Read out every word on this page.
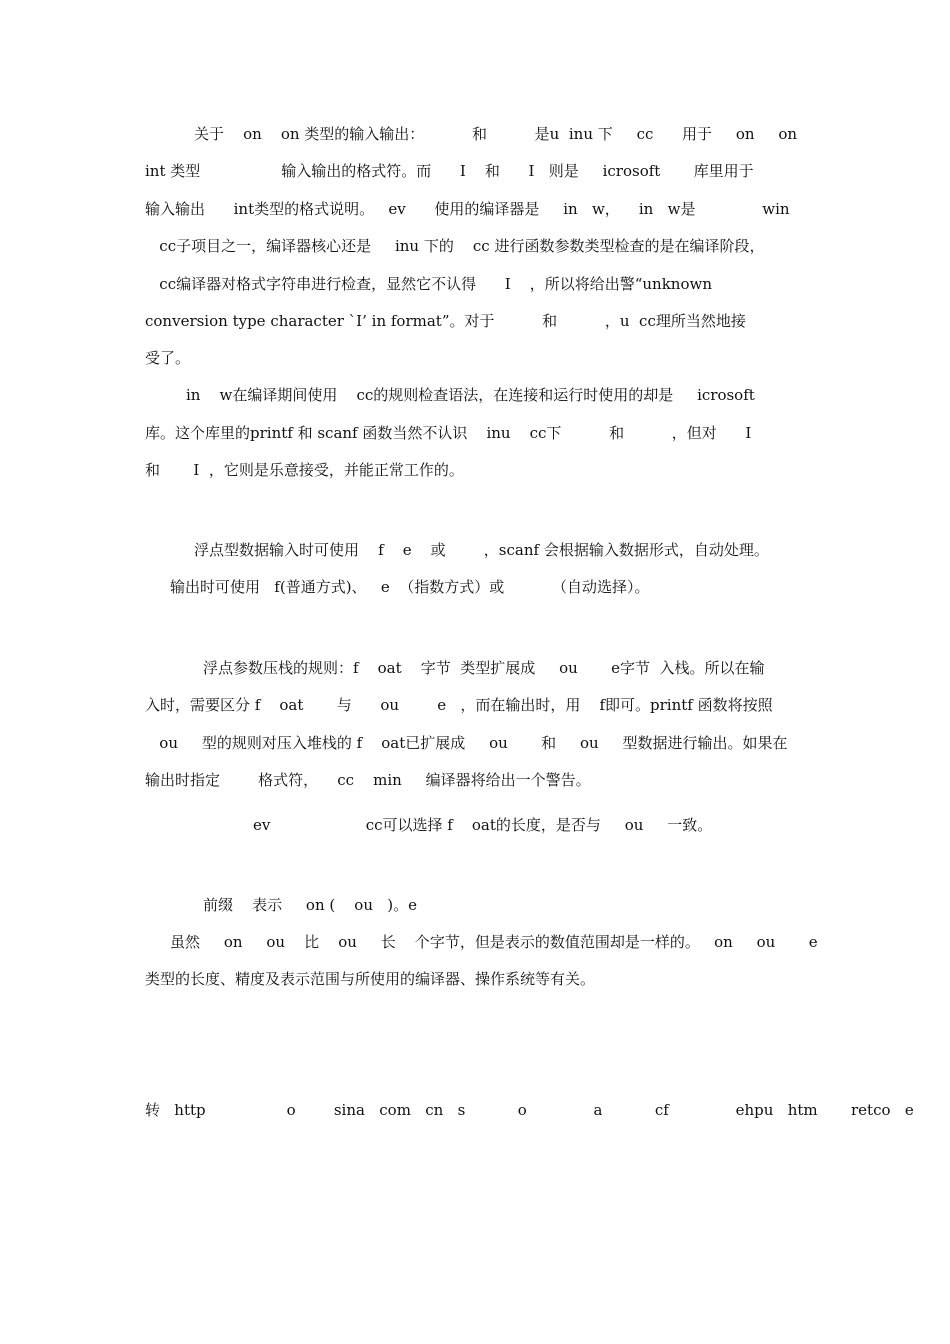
关于    on    on 类型的输入输出：          和          是u  inu 下     cc      用于     on     on
int 类型                 输入输出的格式符。而      I    和      I   则是     icrosoft       库里用于
输入输出      int类型的格式说明。   ev      使用的编译器是     in   w，    in   w是              win
cc子项目之一，编译器核心还是     inu 下的    cc 进行函数参数类型检查的是在编译阶段，
cc编译器对格式字符串进行检查，显然它不认得      I    ，所以将给出警“unknown
conversion type character `I’ in format”。对于          和          ，u  cc理所当然地接
受了。
in    w在编译期间使用    cc的规则检查语法，在连接和运行时使用的却是     icrosoft
库。这个库里的printf 和 scanf 函数当然不认识    inu    cc下          和          ，但对      I
和       I  ，它则是乐意接受，并能正常工作的。
浮点型数据输入时可使用    f    e    或        ，scanf 会根据输入数据形式，自动处理。
输出时可使用   f(普通方式)、   e  （指数方式）或          （自动选择）。
浮点参数压栈的规则：f    oat    字节  类型扩展成     ou       e字节  入栈。所以在输
入时，需要区分 f    oat       与      ou        e   ，而在输出时，用    f即可。printf 函数将按照
ou     型的规则对压入堆栈的 f    oat已扩展成     ou       和     ou     型数据进行输出。如果在
输出时指定        格式符，    cc    min     编译器将给出一个警告。
ev                    cc可以选择 f    oat的长度，是否与     ou     一致。
前缀    表示     on (    ou   )。e
虽然     on     ou    比    ou     长    个字节，但是表示的数值范围却是一样的。   on     ou       e
类型的长度、精度及表示范围与所使用的编译器、操作系统等有关。
转   http                 o        sina   com   cn   s           o              a           cf              ehpu   htm       retco   e
